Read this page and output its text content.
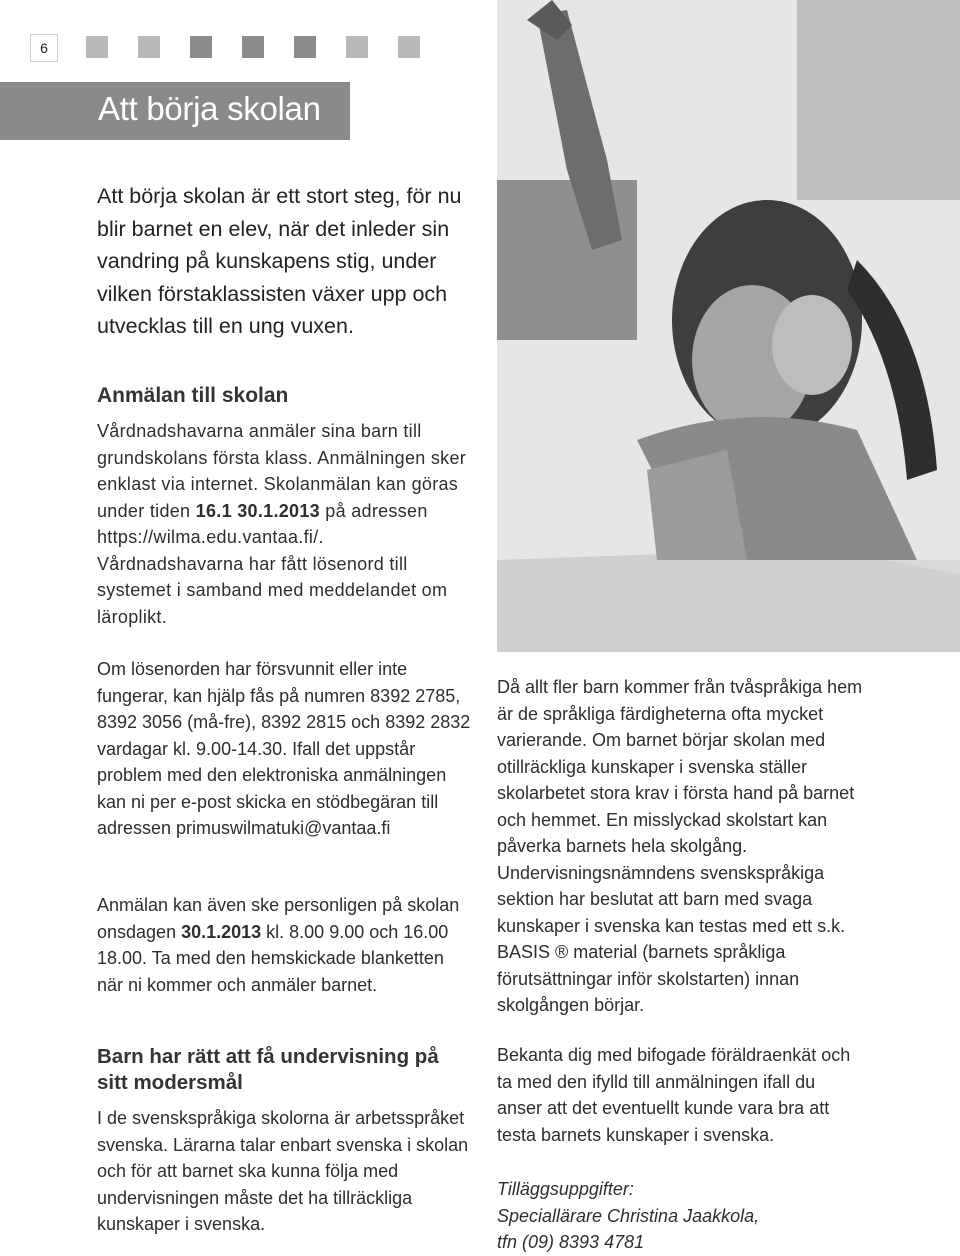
6
Att börja skolan
Att börja skolan är ett stort steg, för nu blir barnet en elev, när det inleder sin vandring på kunskapens stig, under vilken förstaklassisten växer upp och utvecklas till en ung vuxen.
Anmälan till skolan

Vårdnadshavarna anmäler sina barn till grundskolans första klass. Anmälningen sker enklast via internet. Skolanmälan kan göras under tiden 16.1 30.1.2013 på adressen https://wilma.edu.vantaa.fi/. Vårdnadshavarna har fått lösenord till systemet i samband med meddelandet om läroplikt.

Om lösenorden har försvunnit eller inte fungerar, kan hjälp fås på numren 8392 2785, 8392 3056 (må-fre), 8392 2815 och 8392 2832 vardagar kl. 9.00-14.30. Ifall det uppstår problem med den elektroniska anmälningen kan ni per e-post skicka en stödbegäran till adressen primuswilmatuki@vantaa.fi

Anmälan kan även ske personligen på skolan onsdagen 30.1.2013 kl. 8.00 9.00 och 16.00 18.00. Ta med den hemskickade blanketten när ni kommer och anmäler barnet.

Barn har rätt att få undervisning på sitt modersmål

I de svenskspråkiga skolorna är arbetsspråket svenska. Lärarna talar enbart svenska i skolan och för att barnet ska kunna följa med undervisningen måste det ha tillräckliga kunskaper i svenska.

Då allt fler barn kommer från tvåspråkiga hem är de språkliga färdigheterna ofta mycket varierande. Om barnet börjar skolan med otillräckliga kunskaper i svenska ställer skolarbetet stora krav i första hand på barnet och hemmet. En misslyckad skolstart kan påverka barnets hela skolgång. Undervisningsnämndens svenskspråkiga sektion har beslutat att barn med svaga kunskaper i svenska kan testas med ett s.k. BASIS ® material (barnets språkliga förutsättningar inför skolstarten) innan skolgången börjar.

Bekanta dig med bifogade föräldraenkät och ta med den ifylld till anmälningen ifall du anser att det eventuellt kunde vara bra att testa barnets kunskaper i svenska.

Tilläggsuppgifter:

Speciallärare Christina Jaakkola,

tfn (09) 8393 4781
